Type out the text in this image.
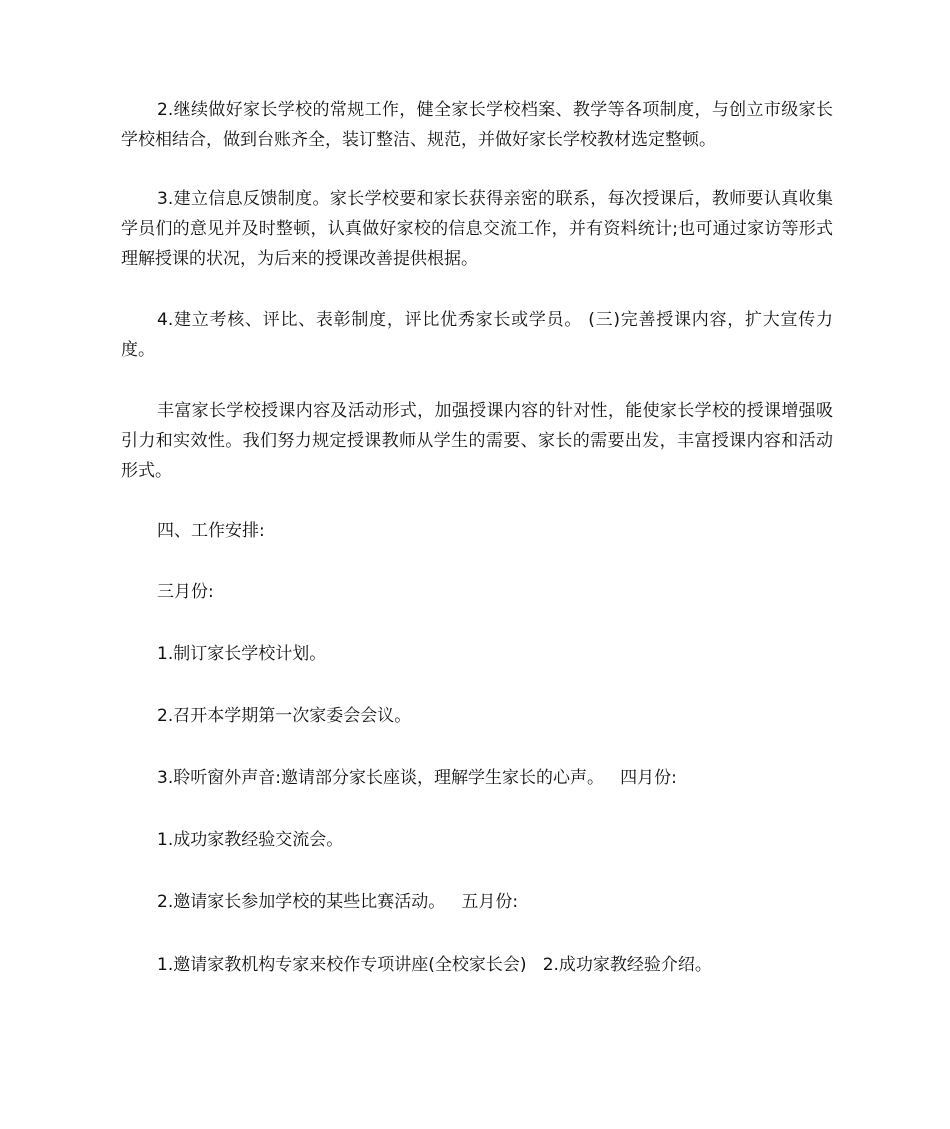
2.继续做好家长学校的常规工作，健全家长学校档案、教学等各项制度，与创立市级家长学校相结合，做到台账齐全，装订整洁、规范，并做好家长学校教材选定整顿。

3.建立信息反馈制度。家长学校要和家长获得亲密的联系，每次授课后，教师要认真收集学员们的意见并及时整顿，认真做好家校的信息交流工作，并有资料统计;也可通过家访等形式理解授课的状况，为后来的授课改善提供根据。

4.建立考核、评比、表彰制度，评比优秀家长或学员。 (三)完善授课内容，扩大宣传力度。

丰富家长学校授课内容及活动形式，加强授课内容的针对性，能使家长学校的授课增强吸引力和实效性。我们努力规定授课教师从学生的需要、家长的需要出发，丰富授课内容和活动形式。

四、工作安排:

三月份:

1.制订家长学校计划。

2.召开本学期第一次家委会会议。

3.聆听窗外声音:邀请部分家长座谈，理解学生家长的心声。   四月份:

1.成功家教经验交流会。

2.邀请家长参加学校的某些比赛活动。   五月份:

1.邀请家教机构专家来校作专项讲座(全校家长会)   2.成功家教经验介绍。
